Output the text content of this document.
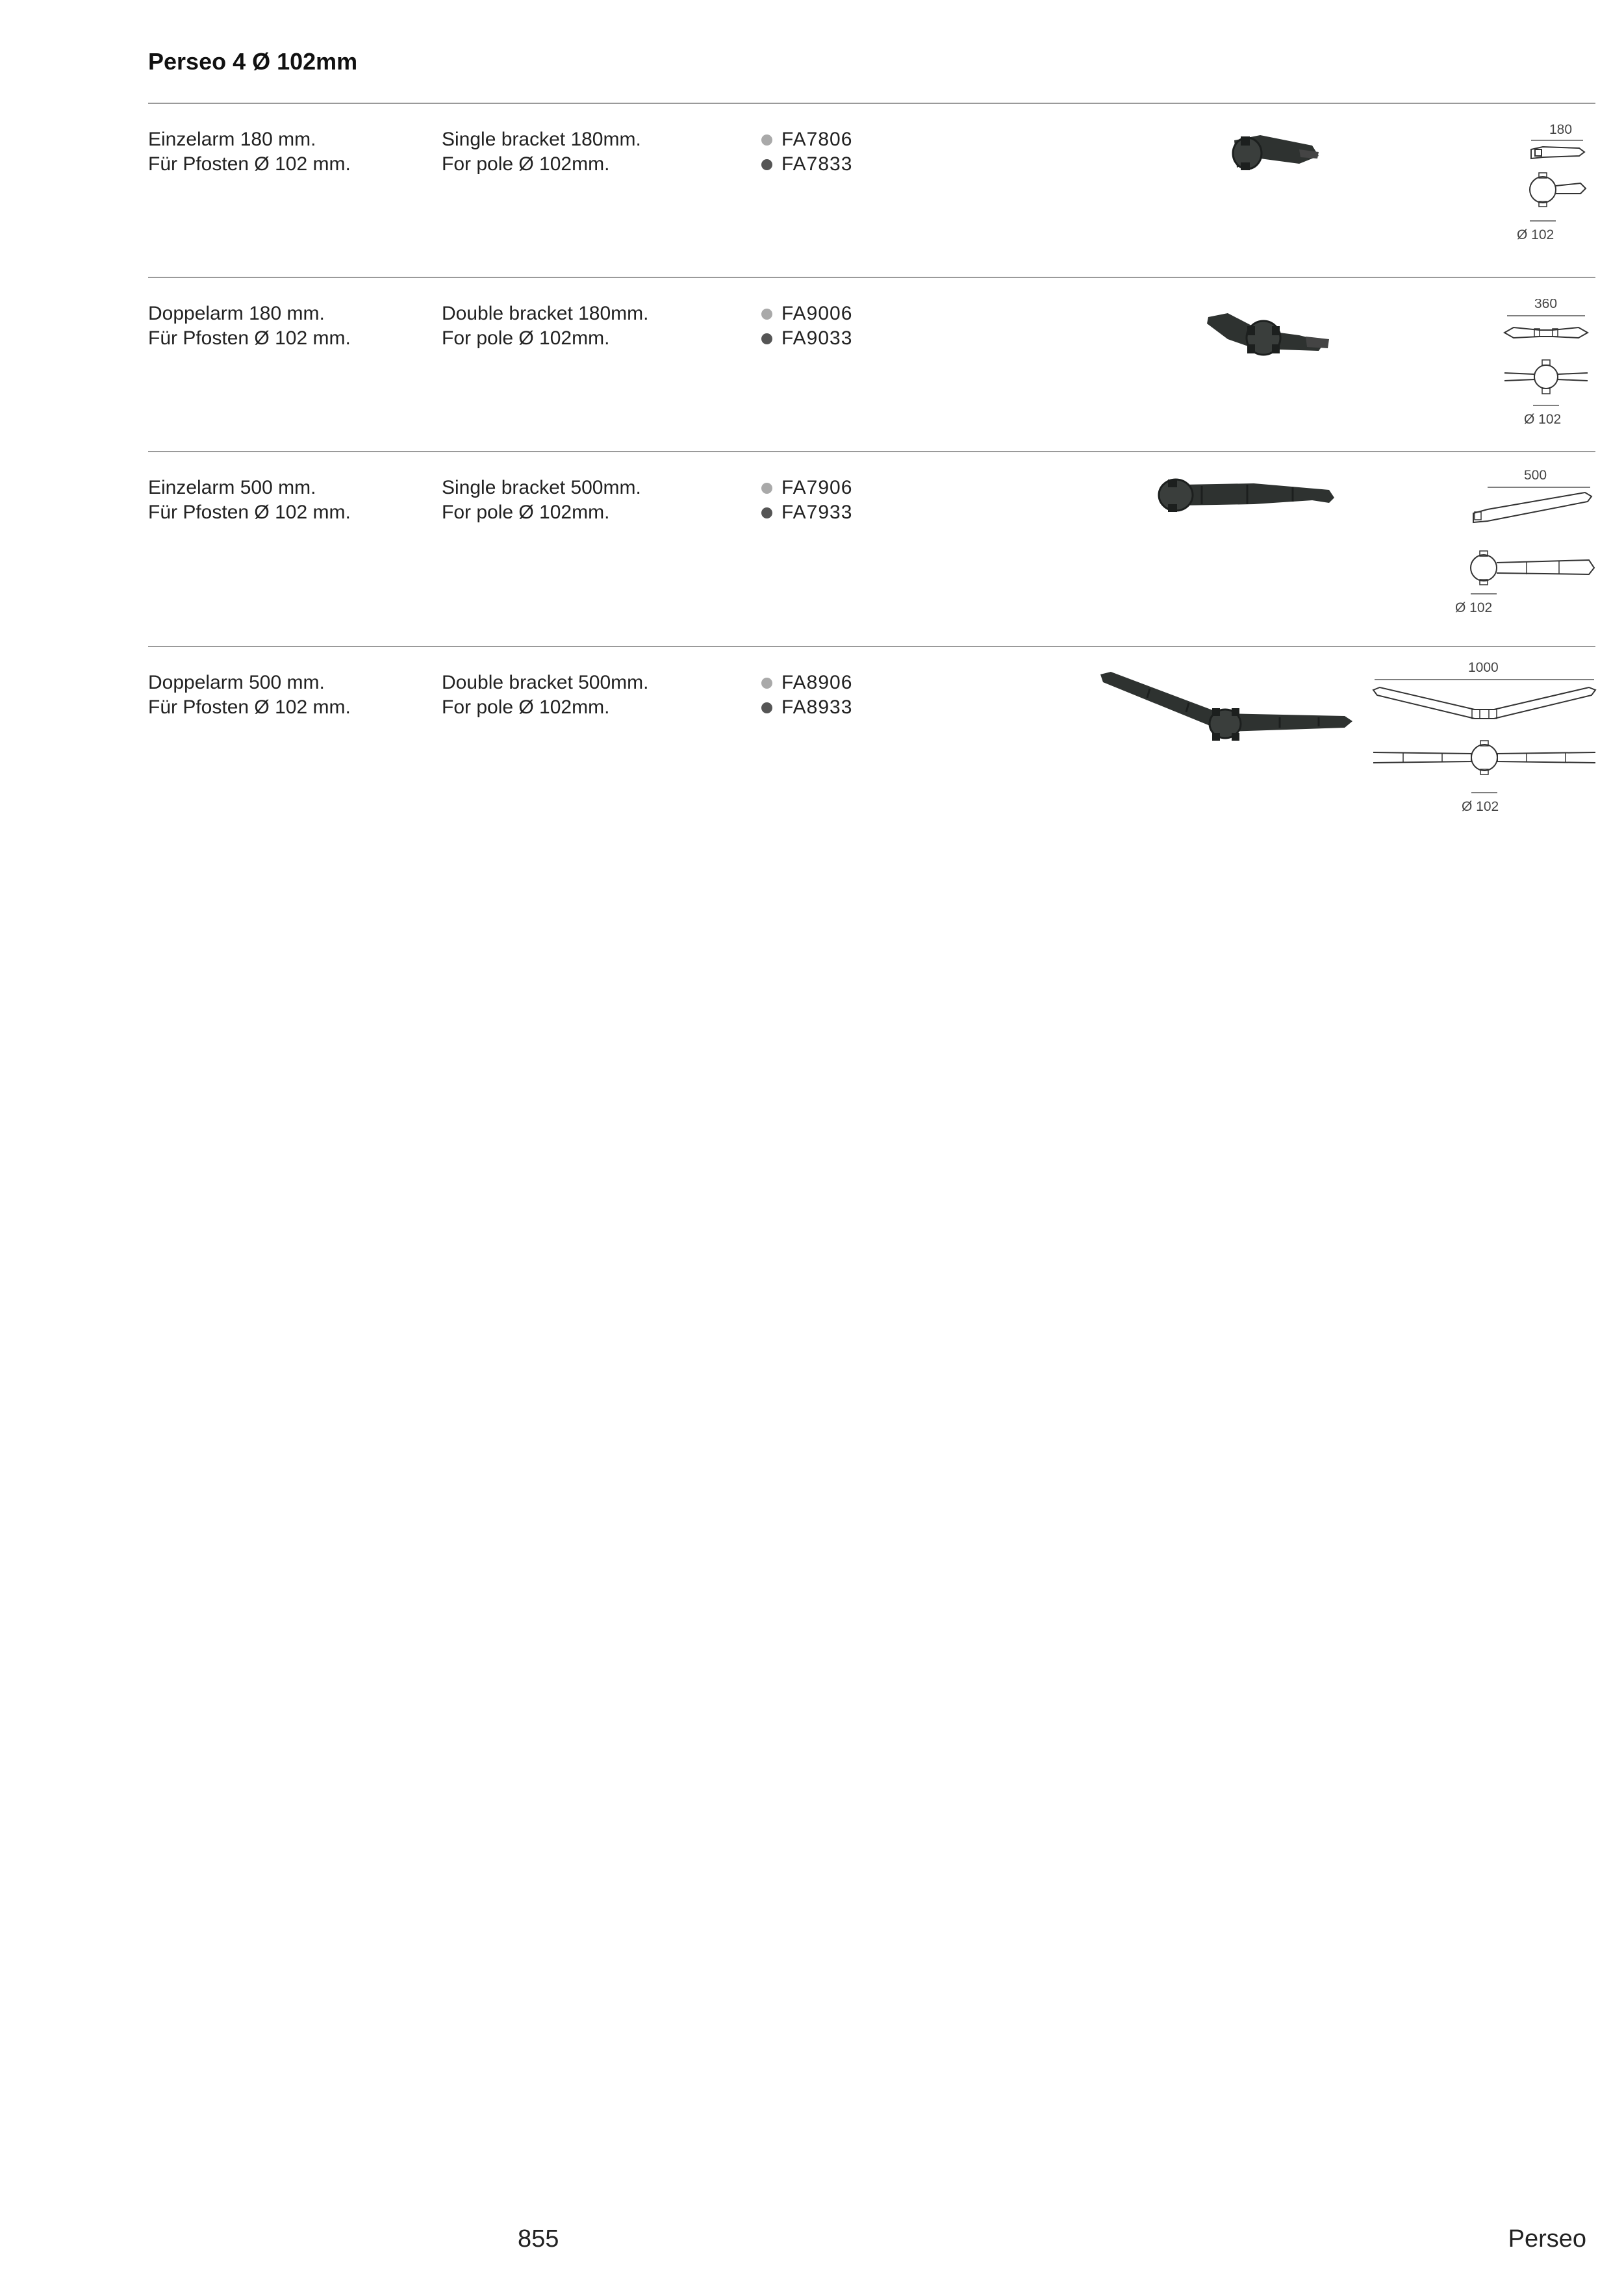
Perseo 4 Ø 102mm
Einzelarm 180 mm.
Für Pfosten Ø 102 mm.
Single bracket 180mm.
For pole Ø 102mm.
FA7806
FA7833
180
Ø 102
Doppelarm 180 mm.
Für Pfosten Ø 102 mm.
Double bracket 180mm.
For pole Ø 102mm.
FA9006
FA9033
360
Ø 102
Einzelarm 500 mm.
Für Pfosten Ø 102 mm.
Single bracket 500mm.
For pole Ø 102mm.
FA7906
FA7933
500
Ø 102
Doppelarm 500 mm.
Für Pfosten Ø 102 mm.
Double bracket 500mm.
For pole Ø 102mm.
FA8906
FA8933
1000
Ø 102
855	Perseo
